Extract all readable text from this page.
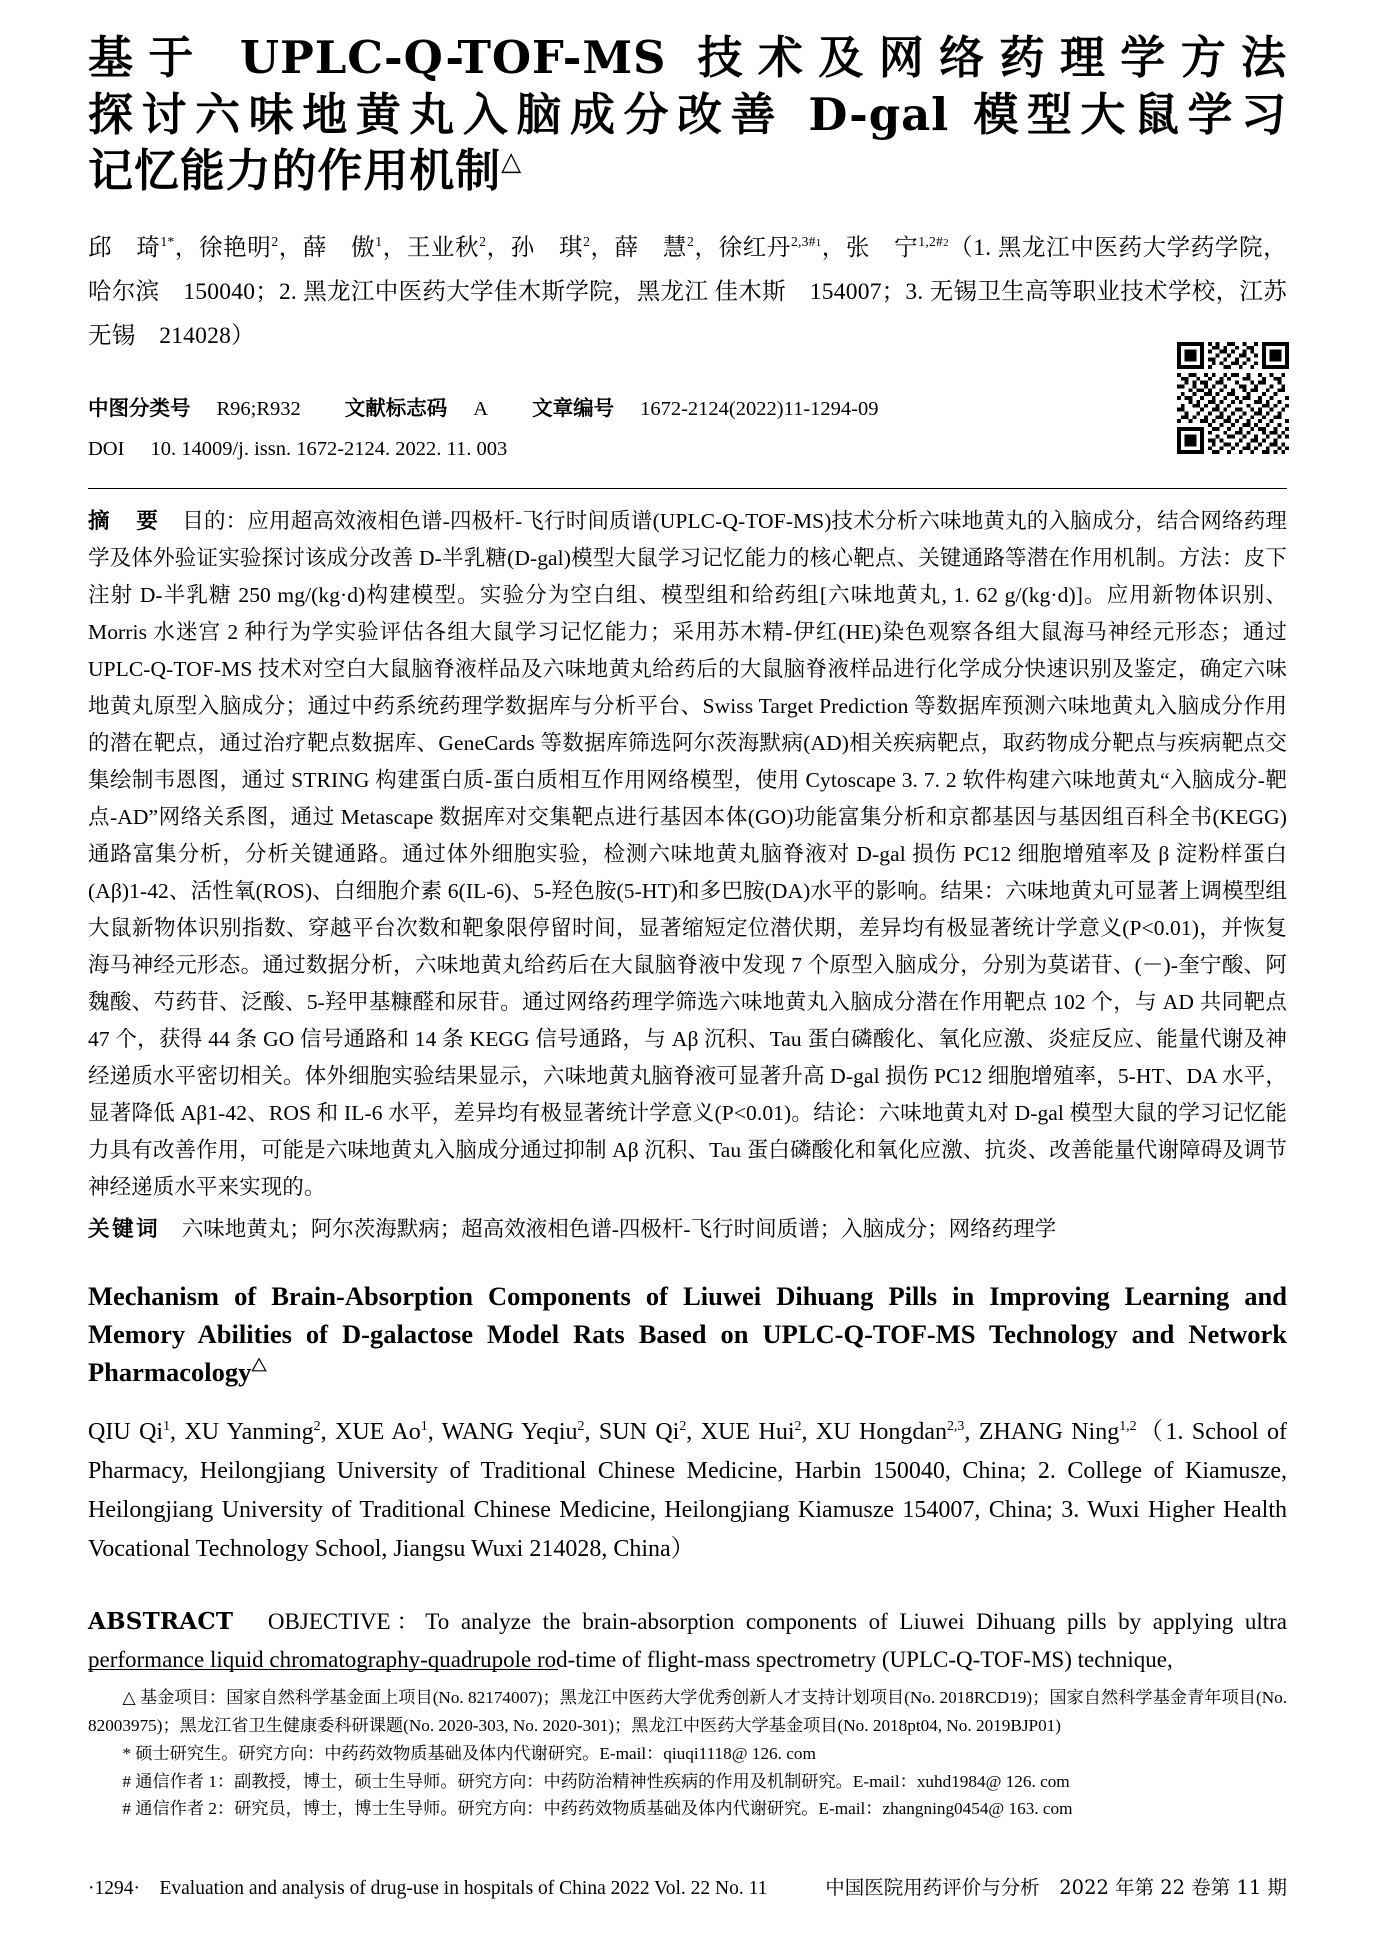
基于 UPLC-Q-TOF-MS 技术及网络药理学方法
探讨六味地黄丸入脑成分改善 D-gal 模型大鼠学习
记忆能力的作用机制△
邱　琦$^{1*}$，徐艳明$^2$，薛　傲$^1$，王业秋$^2$，孙　琪$^2$，薛　慧$^2$，徐红丹$^{2,3\#1}$，张　宁$^{1,2\#2}$（1. 黑龙江中医药大学药学院，哈尔滨　150040；2. 黑龙江中医药大学佳木斯学院，黑龙江 佳木斯　154007；3. 无锡卫生高等职业技术学校，江苏 无锡　214028）
中图分类号 R96;R932 文献标志码 A 文章编号 1672-2124(2022)11-1294-09
DOI 10. 14009/j. issn. 1672-2124. 2022. 11. 003
摘　要　 目的：应用超高效液相色谱-四极杆-飞行时间质谱(UPLC-Q-TOF-MS)技术分析六味地黄丸的入脑成分，结合网络药理学及体外验证实验探讨该成分改善 D-半乳糖(D-gal)模型大鼠学习记忆能力的核心靶点、关键通路等潜在作用机制。方法：皮下注射 D-半乳糖 250 mg/(kg·d)构建模型。实验分为空白组、模型组和给药组[六味地黄丸, 1. 62 g/(kg·d)]。应用新物体识别、Morris 水迷宫 2 种行为学实验评估各组大鼠学习记忆能力；采用苏木精-伊红(HE)染色观察各组大鼠海马神经元形态；通过 UPLC-Q-TOF-MS 技术对空白大鼠脑脊液样品及六味地黄丸给药后的大鼠脑脊液样品进行化学成分快速识别及鉴定，确定六味地黄丸原型入脑成分；通过中药系统药理学数据库与分析平台、Swiss Target Prediction 等数据库预测六味地黄丸入脑成分作用的潜在靶点，通过治疗靶点数据库、GeneCards 等数据库筛选阿尔茨海默病(AD)相关疾病靶点，取药物成分靶点与疾病靶点交集绘制韦恩图，通过 STRING 构建蛋白质-蛋白质相互作用网络模型，使用 Cytoscape 3. 7. 2 软件构建六味地黄丸“入脑成分-靶点-AD”网络关系图，通过 Metascape 数据库对交集靶点进行基因本体(GO)功能富集分析和京都基因与基因组百科全书(KEGG)通路富集分析，分析关键通路。通过体外细胞实验，检测六味地黄丸脑脊液对 D-gal 损伤 PC12 细胞增殖率及 β 淀粉样蛋白(Aβ)1-42、活性氧(ROS)、白细胞介素 6(IL-6)、5-羟色胺(5-HT)和多巴胺(DA)水平的影响。结果：六味地黄丸可显著上调模型组大鼠新物体识别指数、穿越平台次数和靶象限停留时间，显著缩短定位潜伏期，差异均有极显著统计学意义(P<0.01)，并恢复海马神经元形态。通过数据分析，六味地黄丸给药后在大鼠脑脊液中发现 7 个原型入脑成分，分别为莫诺苷、(－)-奎宁酸、阿魏酸、芍药苷、泛酸、5-羟甲基糠醛和尿苷。通过网络药理学筛选六味地黄丸入脑成分潜在作用靶点 102 个，与 AD 共同靶点 47 个，获得 44 条 GO 信号通路和 14 条 KEGG 信号通路，与 Aβ 沉积、Tau 蛋白磷酸化、氧化应激、炎症反应、能量代谢及神经递质水平密切相关。体外细胞实验结果显示，六味地黄丸脑脊液可显著升高 D-gal 损伤 PC12 细胞增殖率，5-HT、DA 水平，显著降低 Aβ1-42、ROS 和 IL-6 水平，差异均有极显著统计学意义(P<0.01)。结论：六味地黄丸对 D-gal 模型大鼠的学习记忆能力具有改善作用，可能是六味地黄丸入脑成分通过抑制 Aβ 沉积、Tau 蛋白磷酸化和氧化应激、抗炎、改善能量代谢障碍及调节神经递质水平来实现的。
关键词　 六味地黄丸；阿尔茨海默病；超高效液相色谱-四极杆-飞行时间质谱；入脑成分；网络药理学
Mechanism of Brain-Absorption Components of Liuwei Dihuang Pills in Improving Learning and Memory Abilities of D-galactose Model Rats Based on UPLC-Q-TOF-MS Technology and Network Pharmacology△
QIU Qi$^1$, XU Yanming$^2$, XUE Ao$^1$, WANG Yeqiu$^2$, SUN Qi$^2$, XUE Hui$^2$, XU Hongdan$^{2,3}$, ZHANG Ning$^{1,2}$（1. School of Pharmacy, Heilongjiang University of Traditional Chinese Medicine, Harbin 150040, China; 2. College of Kiamusze, Heilongjiang University of Traditional Chinese Medicine, Heilongjiang Kiamusze 154007, China; 3. Wuxi Higher Health Vocational Technology School, Jiangsu Wuxi 214028, China）
ABSTRACT　 OBJECTIVE：To analyze the brain-absorption components of Liuwei Dihuang pills by applying ultra performance liquid chromatography-quadrupole rod-time of flight-mass spectrometry (UPLC-Q-TOF-MS) technique,

△ 基金项目：国家自然科学基金面上项目(No. 82174007)；黑龙江中医药大学优秀创新人才支持计划项目(No. 2018RCD19)；国家自然科学基金青年项目(No. 82003975)；黑龙江省卫生健康委科研课题(No. 2020-303, No. 2020-301)；黑龙江中医药大学基金项目(No. 2018pt04, No. 2019BJP01)

* 硕士研究生。研究方向：中药药效物质基础及体内代谢研究。E-mail：qiuqi1118@ 126. com

# 通信作者 1：副教授，博士，硕士生导师。研究方向：中药防治精神性疾病的作用及机制研究。E-mail：xuhd1984@ 126. com

# 通信作者 2：研究员，博士，博士生导师。研究方向：中药药效物质基础及体内代谢研究。E-mail：zhangning0454@ 163. com

·1294·　Evaluation and analysis of drug-use in hospitals of China 2022 Vol. 22 No. 11	中国医院用药评价与分析　2022 年第 22 卷第 11 期
